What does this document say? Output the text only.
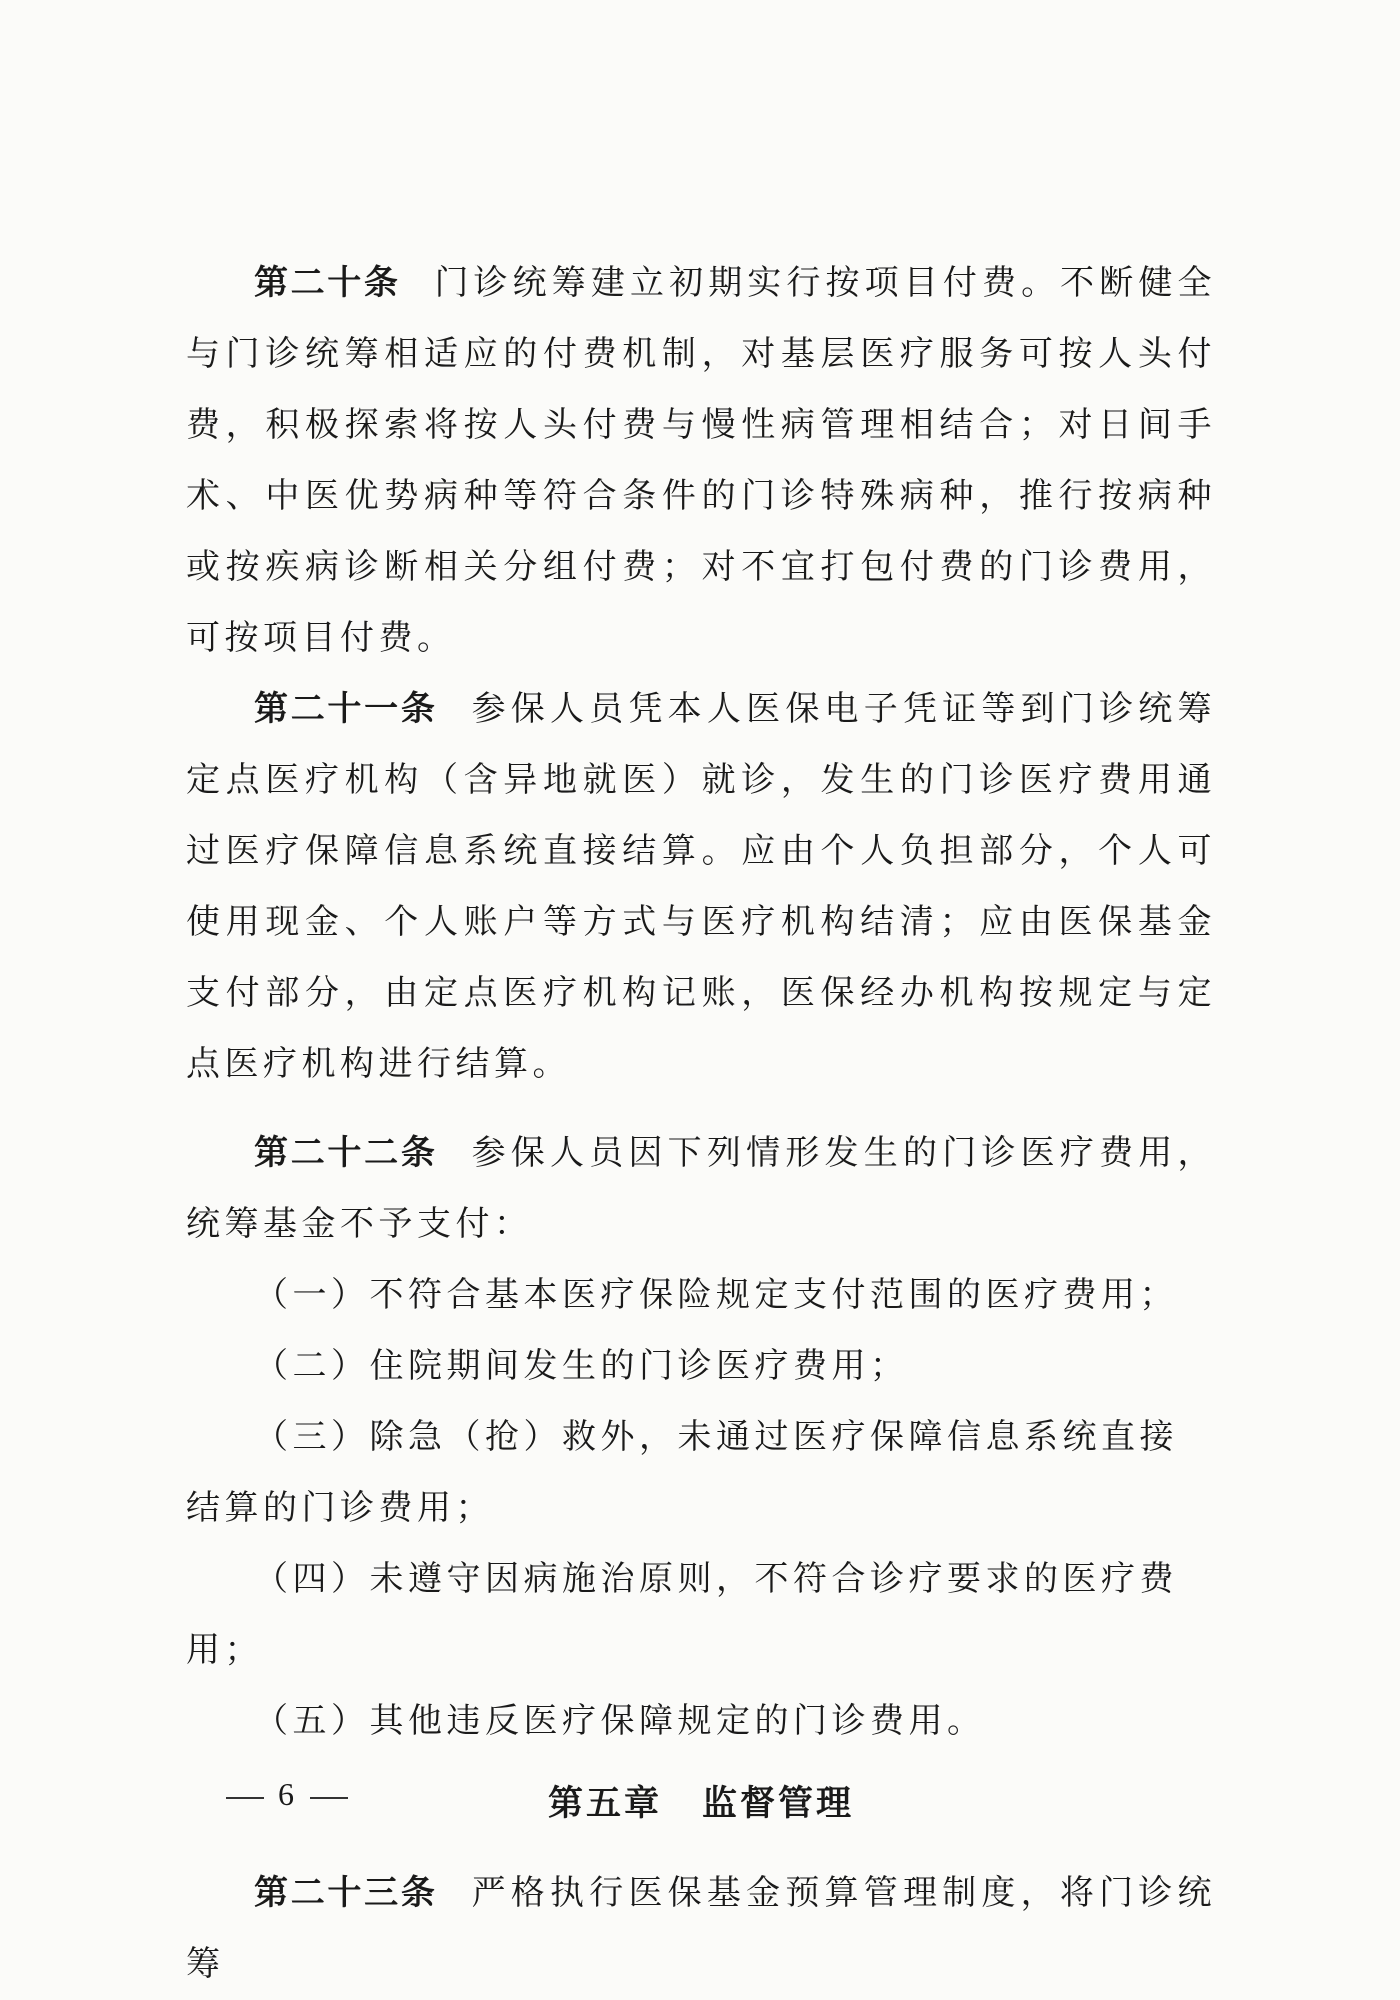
第二十条 门诊统筹建立初期实行按项目付费。不断健全与门诊统筹相适应的付费机制，对基层医疗服务可按人头付费，积极探索将按人头付费与慢性病管理相结合；对日间手术、中医优势病种等符合条件的门诊特殊病种，推行按病种或按疾病诊断相关分组付费；对不宜打包付费的门诊费用，可按项目付费。

第二十一条 参保人员凭本人医保电子凭证等到门诊统筹定点医疗机构（含异地就医）就诊，发生的门诊医疗费用通过医疗保障信息系统直接结算。应由个人负担部分，个人可使用现金、个人账户等方式与医疗机构结清；应由医保基金支付部分，由定点医疗机构记账，医保经办机构按规定与定点医疗机构进行结算。

第二十二条 参保人员因下列情形发生的门诊医疗费用，统筹基金不予支付：

（一）不符合基本医疗保险规定支付范围的医疗费用；

（二）住院期间发生的门诊医疗费用；

（三）除急（抢）救外，未通过医疗保障信息系统直接结算的门诊费用；

（四）未遵守因病施治原则，不符合诊疗要求的医疗费用；

（五）其他违反医疗保障规定的门诊费用。

第五章 监督管理

第二十三条 严格执行医保基金预算管理制度，将门诊统筹

6
